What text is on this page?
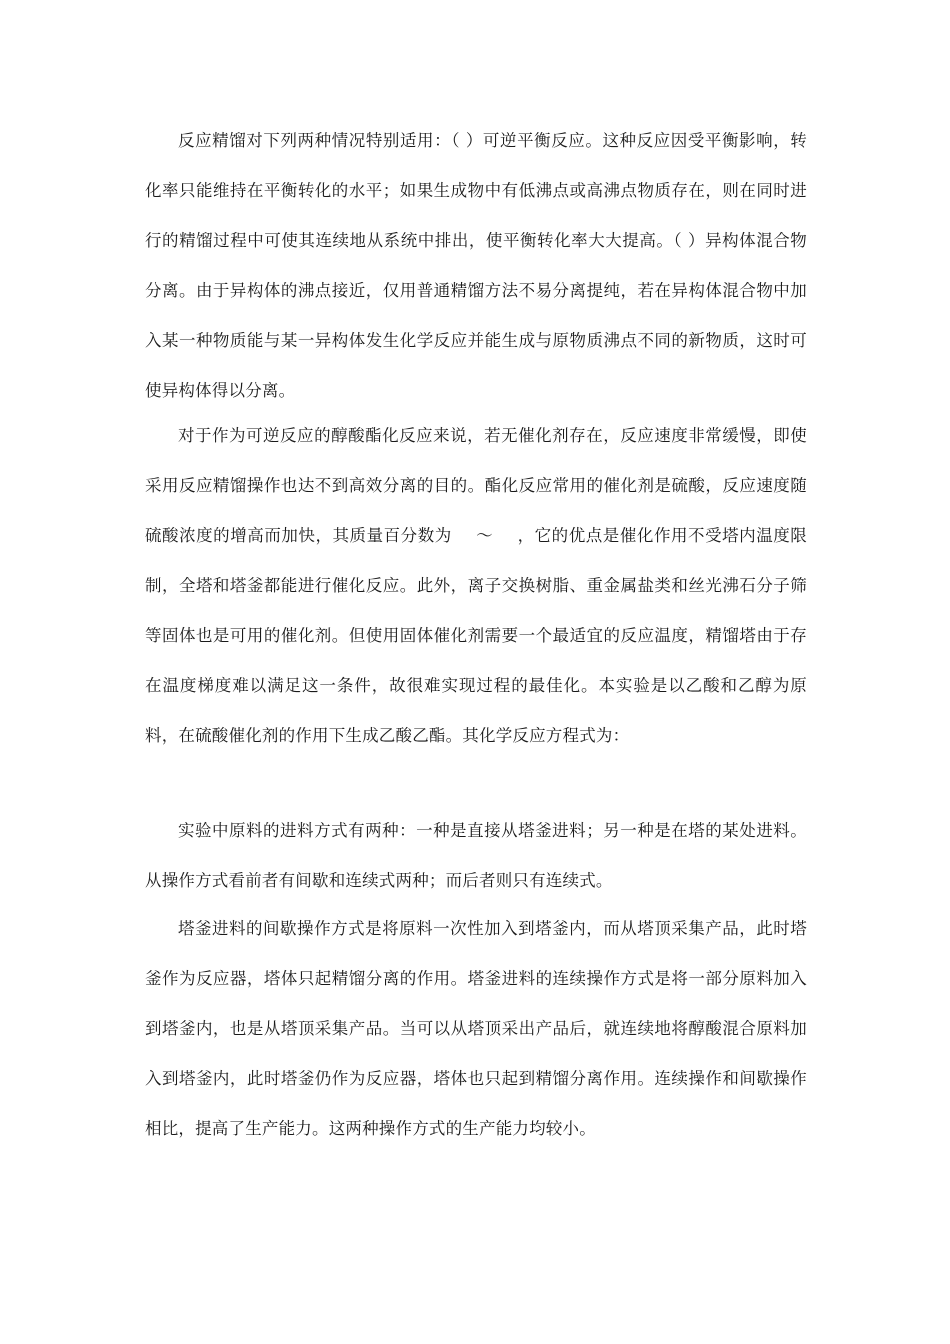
反应精馏对下列两种情况特别适用：（ ）可逆平衡反应。这种反应因受平衡影响，转化率只能维持在平衡转化的水平；如果生成物中有低沸点或高沸点物质存在，则在同时进行的精馏过程中可使其连续地从系统中排出，使平衡转化率大大提高。（ ）异构体混合物分离。由于异构体的沸点接近，仅用普通精馏方法不易分离提纯，若在异构体混合物中加入某一种物质能与某一异构体发生化学反应并能生成与原物质沸点不同的新物质，这时可使异构体得以分离。

对于作为可逆反应的醇酸酯化反应来说，若无催化剂存在，反应速度非常缓慢，即使采用反应精馏操作也达不到高效分离的目的。酯化反应常用的催化剂是硫酸，反应速度随硫酸浓度的增高而加快，其质量百分数为 ～ ，它的优点是催化作用不受塔内温度限制，全塔和塔釜都能进行催化反应。此外，离子交换树脂、重金属盐类和丝光沸石分子筛等固体也是可用的催化剂。但使用固体催化剂需要一个最适宜的反应温度，精馏塔由于存在温度梯度难以满足这一条件，故很难实现过程的最佳化。本实验是以乙酸和乙醇为原料，在硫酸催化剂的作用下生成乙酸乙酯。其化学反应方程式为：

实验中原料的进料方式有两种：一种是直接从塔釜进料；另一种是在塔的某处进料。从操作方式看前者有间歇和连续式两种；而后者则只有连续式。

塔釜进料的间歇操作方式是将原料一次性加入到塔釜内，而从塔顶采集产品，此时塔釜作为反应器，塔体只起精馏分离的作用。塔釜进料的连续操作方式是将一部分原料加入到塔釜内，也是从塔顶采集产品。当可以从塔顶采出产品后，就连续地将醇酸混合原料加入到塔釜内，此时塔釜仍作为反应器，塔体也只起到精馏分离作用。连续操作和间歇操作相比，提高了生产能力。这两种操作方式的生产能力均较小。
